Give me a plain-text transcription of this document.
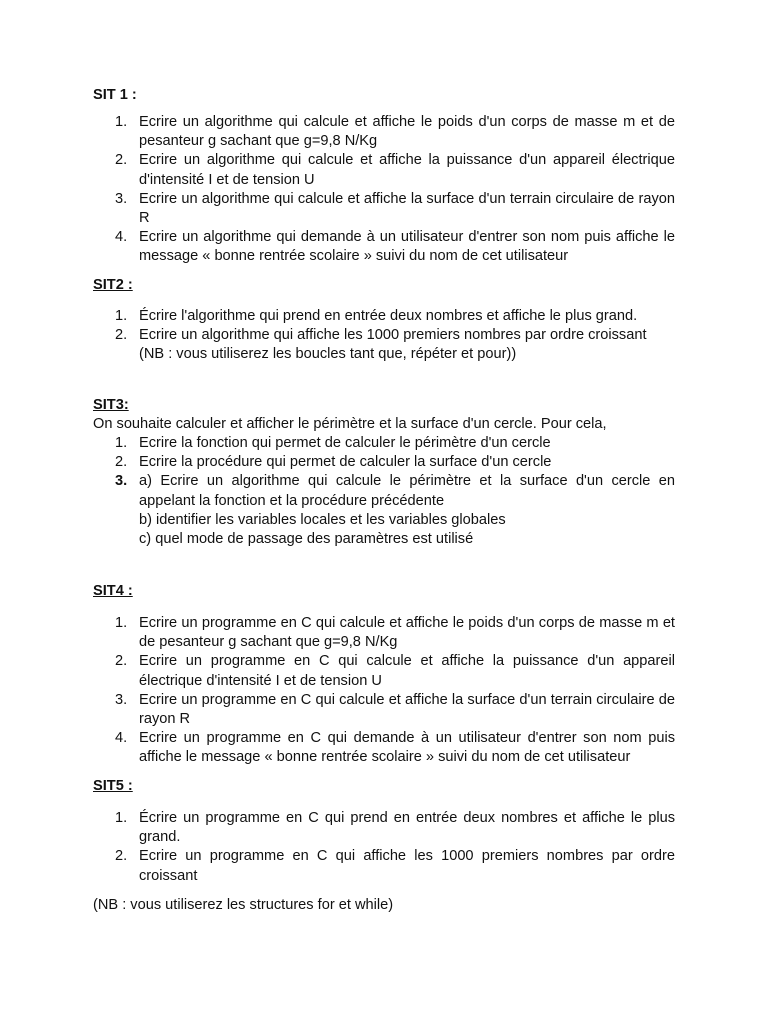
SIT 1 :

1. Ecrire un algorithme qui calcule et affiche le poids d'un corps de masse m et de pesanteur g sachant que g=9,8 N/Kg
2. Ecrire un algorithme qui calcule et affiche la puissance d'un appareil électrique d'intensité I et de tension U
3. Ecrire un algorithme qui calcule et affiche la surface d'un terrain circulaire de rayon R
4. Ecrire un algorithme qui demande à un utilisateur d'entrer son nom puis affiche le message « bonne rentrée scolaire » suivi du nom de cet utilisateur

SIT2 :

1. Écrire l'algorithme qui prend en entrée deux nombres et affiche le plus grand.
2. Ecrire un algorithme qui affiche les 1000 premiers nombres par ordre croissant
(NB : vous utiliserez les boucles tant que, répéter et pour))

SIT3:

On souhaite calculer et afficher le périmètre et la surface d'un cercle. Pour cela,

1. Ecrire la fonction qui permet de calculer le périmètre d'un cercle
2. Ecrire la procédure qui permet de calculer la surface d'un cercle
3. a) Ecrire un algorithme qui calcule le périmètre et la surface d'un cercle en appelant la fonction et la procédure précédente
b) identifier les variables locales et les variables globales
c) quel mode de passage des paramètres est utilisé

SIT4 :

1. Ecrire un programme en C qui calcule et affiche le poids d'un corps de masse m et de pesanteur g sachant que g=9,8 N/Kg
2. Ecrire un programme en C qui calcule et affiche la puissance d'un appareil électrique d'intensité I et de tension U
3. Ecrire un programme en C qui calcule et affiche la surface d'un terrain circulaire de rayon R
4. Ecrire un programme en C qui demande à un utilisateur d'entrer son nom puis affiche le message « bonne rentrée scolaire » suivi du nom de cet utilisateur

SIT5 :

1. Écrire un programme en C qui prend en entrée deux nombres et affiche le plus grand.
2. Ecrire un programme en C qui affiche les 1000 premiers nombres par ordre croissant

(NB : vous utiliserez les structures for et while)
